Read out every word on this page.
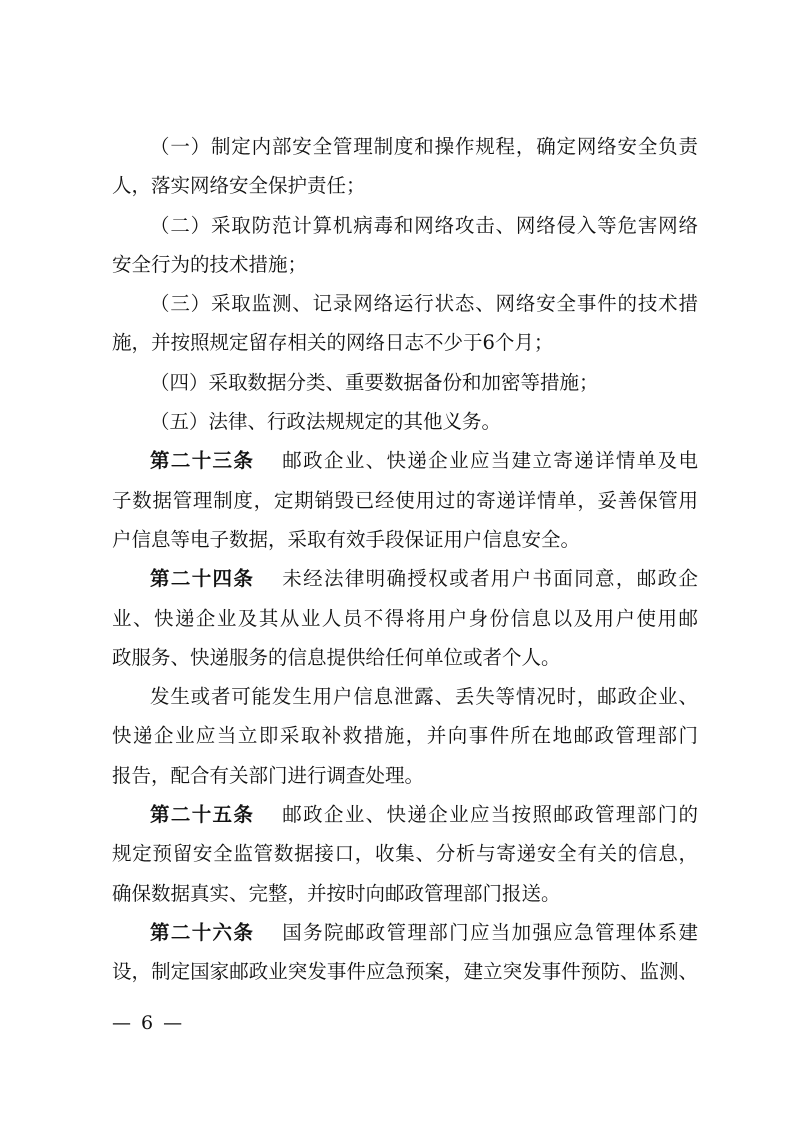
（一）制定内部安全管理制度和操作规程，确定网络安全负责
人，落实网络安全保护责任；
（二）采取防范计算机病毒和网络攻击、网络侵入等危害网络
安全行为的技术措施；
（三）采取监测、记录网络运行状态、网络安全事件的技术措
施，并按照规定留存相关的网络日志不少于6个月；
（四）采取数据分类、重要数据备份和加密等措施；
（五）法律、行政法规规定的其他义务。
第二十三条 邮政企业、快递企业应当建立寄递详情单及电
子数据管理制度，定期销毁已经使用过的寄递详情单，妥善保管用
户信息等电子数据，采取有效手段保证用户信息安全。
第二十四条 未经法律明确授权或者用户书面同意，邮政企
业、快递企业及其从业人员不得将用户身份信息以及用户使用邮
政服务、快递服务的信息提供给任何单位或者个人。
发生或者可能发生用户信息泄露、丢失等情况时，邮政企业、
快递企业应当立即采取补救措施，并向事件所在地邮政管理部门
报告，配合有关部门进行调查处理。
第二十五条 邮政企业、快递企业应当按照邮政管理部门的
规定预留安全监管数据接口，收集、分析与寄递安全有关的信息，
确保数据真实、完整，并按时向邮政管理部门报送。
第二十六条 国务院邮政管理部门应当加强应急管理体系建
设，制定国家邮政业突发事件应急预案，建立突发事件预防、监测、
— 6 —
